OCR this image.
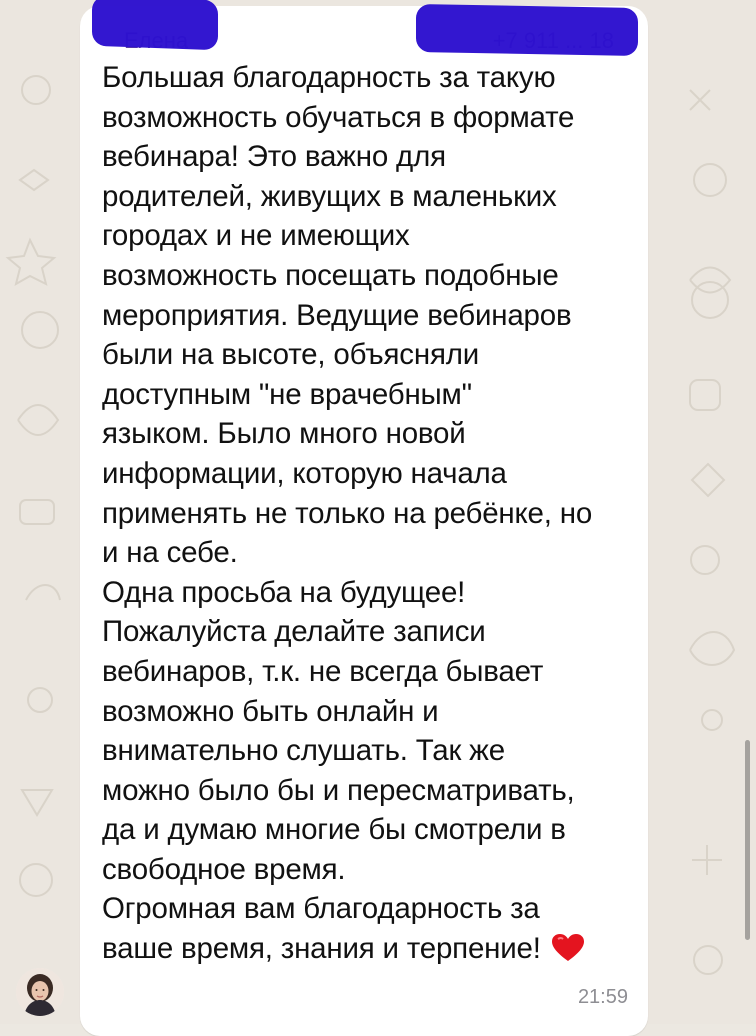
Большая благодарность за такую
возможность обучаться в формате
вебинара! Это важно для
родителей, живущих в маленьких
городах и не имеющих
возможность посещать подобные
мероприятия. Ведущие вебинаров
были на высоте, объясняли
доступным "не врачебным"
языком. Было много новой
информации, которую начала
применять не только на ребёнке, но
и на себе.
Одна просьба на будущее!
Пожалуйста делайте записи
вебинаров, т.к. не всегда бывает
возможно быть онлайн и
внимательно слушать. Так же
можно было бы и пересматривать,
да и думаю многие бы смотрели в
свободное время.
Огромная вам благодарность за
ваше время, знания и терпение!
21:59
